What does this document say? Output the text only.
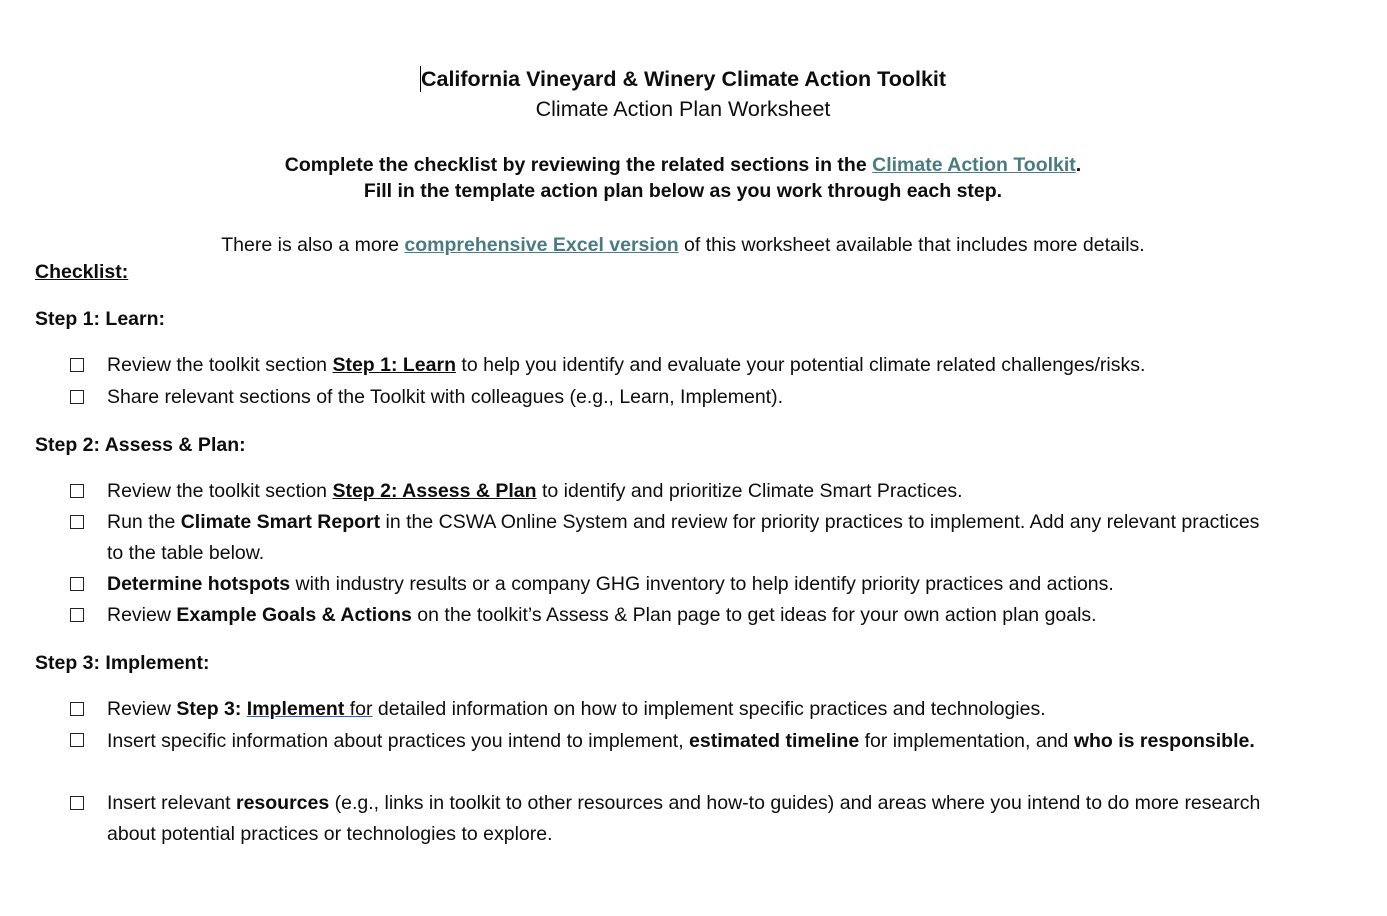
California Vineyard & Winery Climate Action Toolkit
Climate Action Plan Worksheet
Complete the checklist by reviewing the related sections in the Climate Action Toolkit.
Fill in the template action plan below as you work through each step.
There is also a more comprehensive Excel version of this worksheet available that includes more details.
Checklist:
Step 1: Learn:
Review the toolkit section Step 1: Learn to help you identify and evaluate your potential climate related challenges/risks.
Share relevant sections of the Toolkit with colleagues (e.g., Learn, Implement).
Step 2: Assess & Plan:
Review the toolkit section Step 2: Assess & Plan to identify and prioritize Climate Smart Practices.
Run the Climate Smart Report in the CSWA Online System and review for priority practices to implement. Add any relevant practices to the table below.
Determine hotspots with industry results or a company GHG inventory to help identify priority practices and actions.
Review Example Goals & Actions on the toolkit’s Assess & Plan page to get ideas for your own action plan goals.
Step 3: Implement:
Review Step 3: Implement for detailed information on how to implement specific practices and technologies.
Insert specific information about practices you intend to implement, estimated timeline for implementation, and who is responsible.
Insert relevant resources (e.g., links in toolkit to other resources and how-to guides) and areas where you intend to do more research about potential practices or technologies to explore.
